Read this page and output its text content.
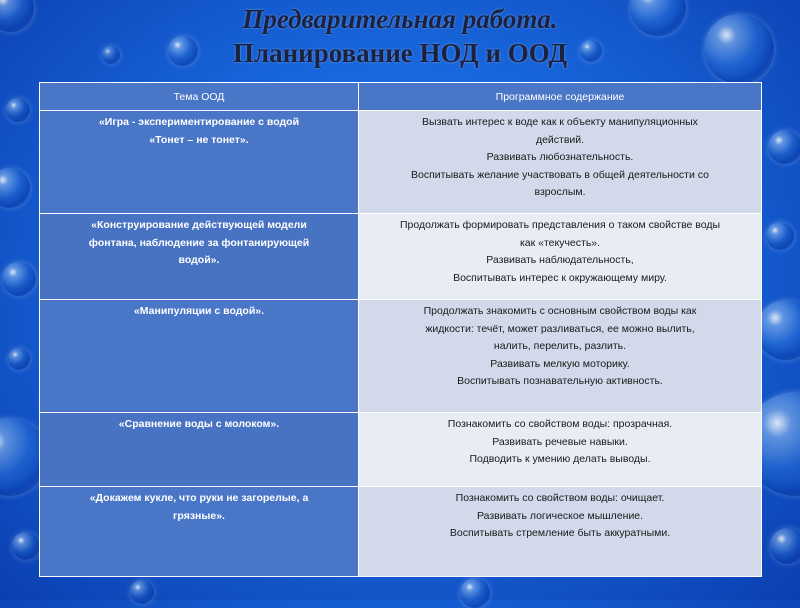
Предварительная работа.
Планирование НОД и ООД
Тема ООД	Программное содержание

«Игра - экспериментирование с водой
«Тонет – не тонет».	Вызвать интерес к воде как к объекту манипуляционных
действий.
Развивать любознательность.
Воспитывать желание участвовать в общей деятельности со
взрослым.

«Конструирование действующей модели
фонтана, наблюдение за фонтанирующей
водой».	Продолжать формировать представления о таком свойстве воды
как «текучесть».
Развивать наблюдательность,
Воспитывать интерес к окружающему миру.

«Манипуляции с водой».	Продолжать знакомить с основным свойством воды как
жидкости: течёт, может разливаться, ее можно вылить,
налить, перелить, разлить.
Развивать мелкую моторику.
Воспитывать познавательную активность.

«Сравнение воды с молоком».	Познакомить со свойством воды: прозрачная.
Развивать речевые навыки.
Подводить к умению делать выводы.

«Докажем кукле, что руки не загорелые, а
грязные».	Познакомить со свойством воды: очищает.
Развивать логическое мышление.
Воспитывать стремление быть аккуратными.
